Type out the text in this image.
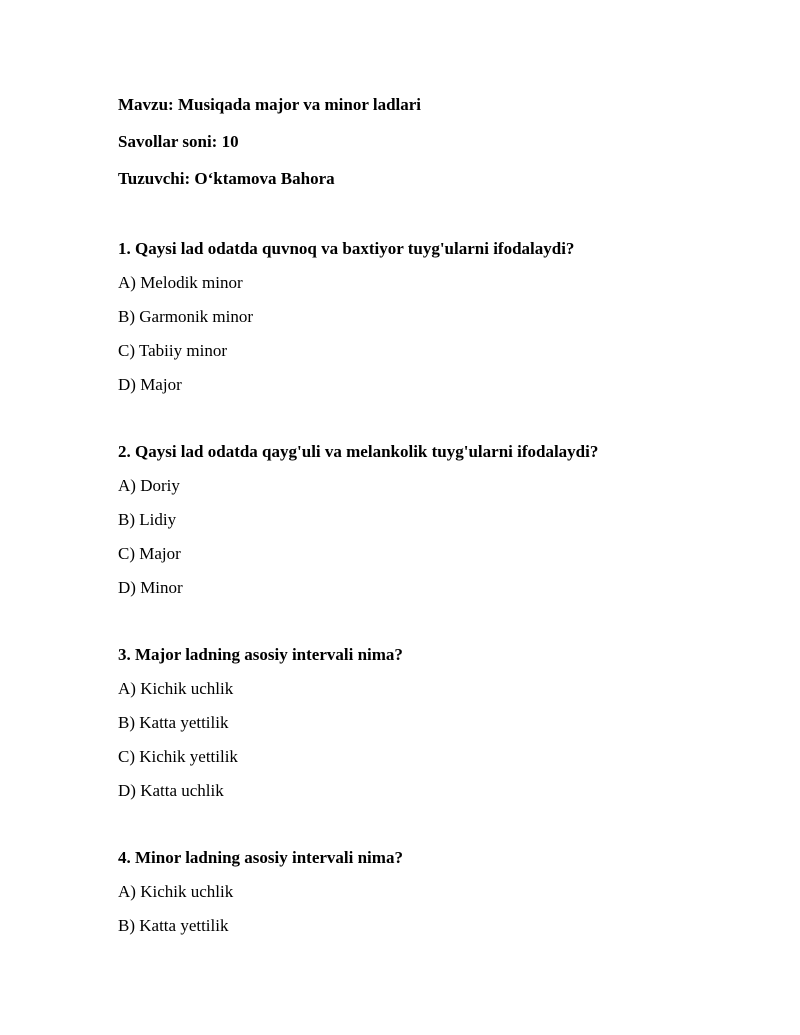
Mavzu: Musiqada major va minor ladlari

Savollar soni: 10

Tuzuvchi: Oʻktamova Bahora

1. Qaysi lad odatda quvnoq va baxtiyor tuyg'ularni ifodalaydi?

A) Melodik minor

B) Garmonik minor

C) Tabiiy minor

D) Major

2. Qaysi lad odatda qayg'uli va melankolik tuyg'ularni ifodalaydi?

A) Doriy

B) Lidiy

C) Major

D) Minor

3. Major ladning asosiy intervali nima?

A) Kichik uchlik

B) Katta yettilik

C) Kichik yettilik

D) Katta uchlik

4. Minor ladning asosiy intervali nima?

A) Kichik uchlik

B) Katta yettilik
